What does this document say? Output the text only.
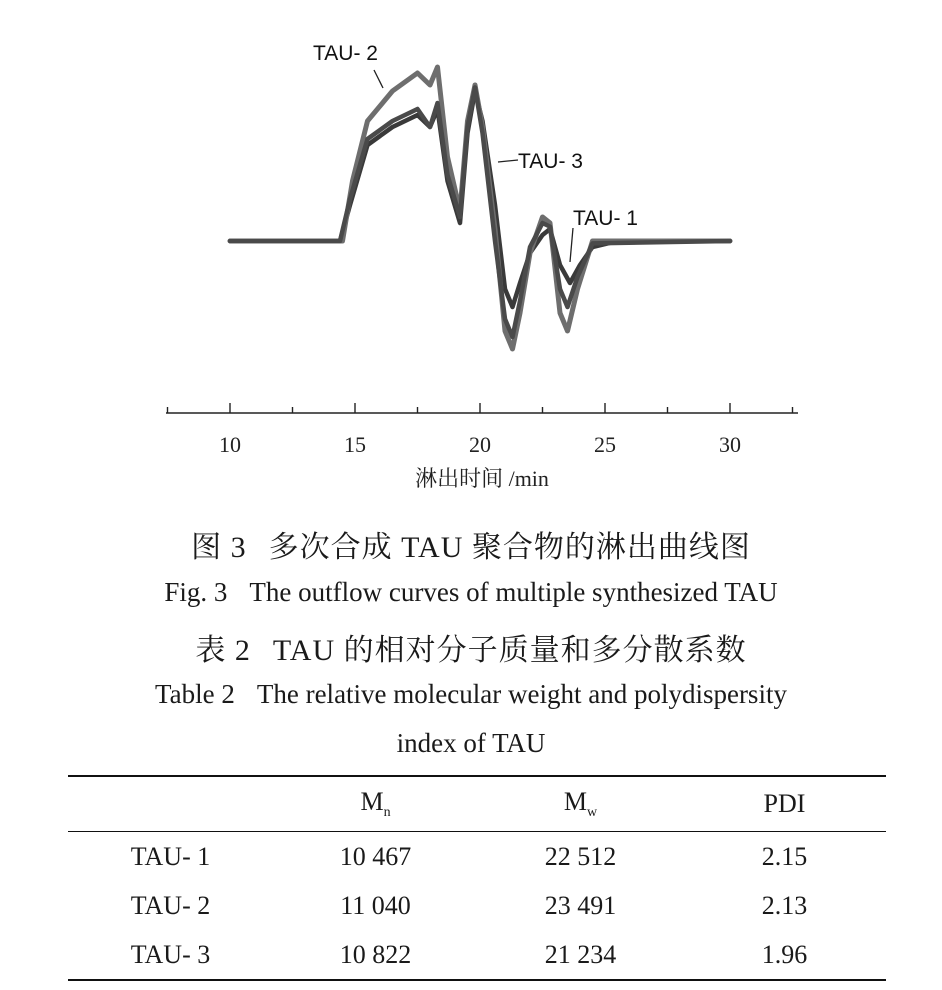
10	15	20	25	30
TAU- 2
TAU- 3
TAU- 1
淋出时间 /min
图 3 多次合成 TAU 聚合物的淋出曲线图
Fig. 3 The outflow curves of multiple synthesized TAU
表 2 TAU 的相对分子质量和多分散系数
Table 2 The relative molecular weight and polydispersity
index of TAU
	$M_n$	$M_w$	PDI
TAU- 1	10 467	22 512	2.15
TAU- 2	11 040	23 491	2.13
TAU- 3	10 822	21 234	1.96
